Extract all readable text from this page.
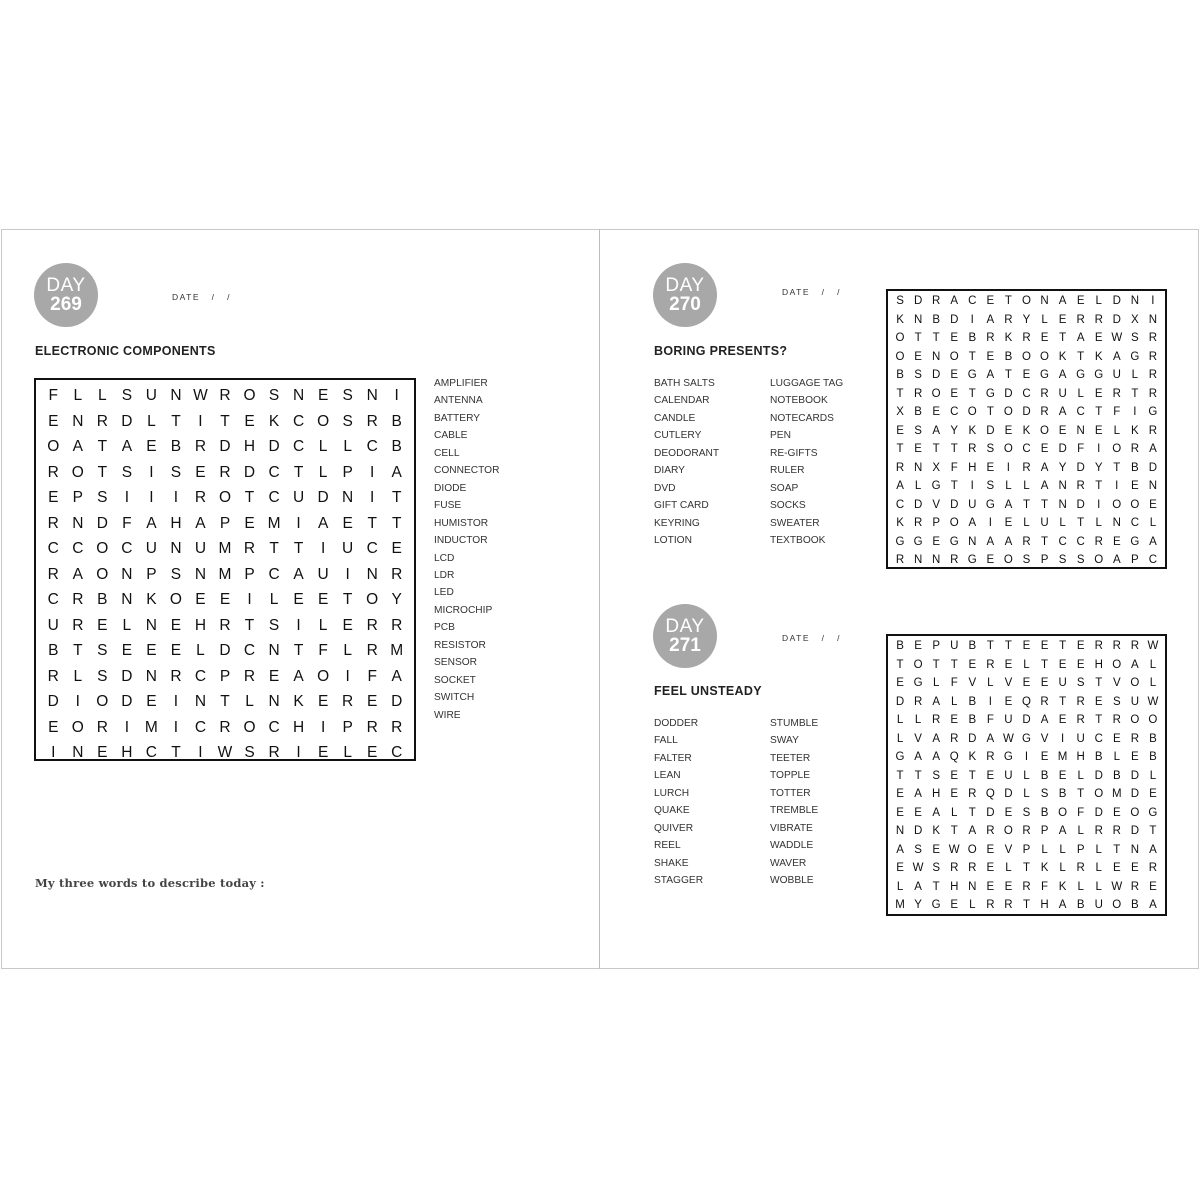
DAY
269	DATE   /   /
ELECTRONIC COMPONENTS
F L	L S U N W R O S N E S N	I
E N R D L T	I	T E K C O S R B
O A T A E B R D H D C L	L C B
R O T S	I	S E R D C T L P	I	A
E P S	I	I	I	R O T C U D N	I	T
R N D F A H A P E M	I	A E T T
C C O C U N U M R T T	I	U C E
R A O N P S N M P C A U	I	N R
C R B N K O E E	I	L E E T O Y
U R E L N E H R T S	I	L E R R
B T S E E E L D C N T F L R M
R L S D N R C P R E A O	I	F A
D	I	O D E	I	N T L N K E R E D
E O R	I	M	I	C R O C H	I	P R R
I	N E H C T	I W S R	I	E L E C
AMPLIFIER
ANTENNA
BATTERY
CABLE
CELL
CONNECTOR
DIODE
FUSE
HUMISTOR
INDUCTOR
LCD
LDR
LED
MICROCHIP
PCB
RESISTOR
SENSOR
SOCKET
SWITCH
WIRE
My three words to describe today :
DAY
270
DATE   /   /
BORING PRESENTS?
BATH SALTS
CALENDAR
CANDLE
CUTLERY
DEODORANT
DIARY
DVD
GIFT CARD
KEYRING
LOTION
LUGGAGE TAG
NOTEBOOK
NOTECARDS
PEN
RE-GIFTS
RULER
SOAP
SOCKS
SWEATER
TEXTBOOK
S D R A C E T O N A E L D N	I
K N B D	I	A R Y L E R R D X N
O T T E B R K R E T A E W S R
O E N O T E B O O K T K A G R
B S D E G A T E G A G G U L R
T R O E T G D C R U L E R T R
X B E C O T O D R A C T F	I	G
E S A Y K D E K O E N E L K R
T E T T R S O C E D F	I	O R A
R N X F H E	I	R A Y D Y T B D
A L G T	I	S L	L A N R T	I	E N
C D V D U G A T T N D	I	O O E
K R P O A	I	E L U L T L N C L
G G E G N A A R T C C R E G A
R N N R G E O S P S S O A P C
DAY
271	DATE   /   /
FEEL UNSTEADY
DODDER
FALL
FALTER
LEAN
LURCH
QUAKE
QUIVER
REEL
SHAKE
STAGGER
STUMBLE
SWAY
TEETER
TOPPLE
TOTTER
TREMBLE
VIBRATE
WADDLE
WAVER
WOBBLE
B E P U B T T E E T E R R R W
T O T T E R E L T E E H O A L
E G L F V L V E E U S T V O L
D R A L B	I	E Q R T R E S U W
L	L R E B F U D A E R T R O O
L V A R D A W G V	I	U C E R B
G A A Q K R G	I	E M H B L E B
T T S E T E U L B E L D B D L
E A H E R Q D L S B T O M D E
E E A L T D E S B O F D E O G
N D K T A R O R P A L R R D T
A S E W O E V P L	L P L T N A
E W S R R E L T K L R L E E R
L A T H N E E R F K L	L W R E
M Y G E L R R T H A B U O B A
